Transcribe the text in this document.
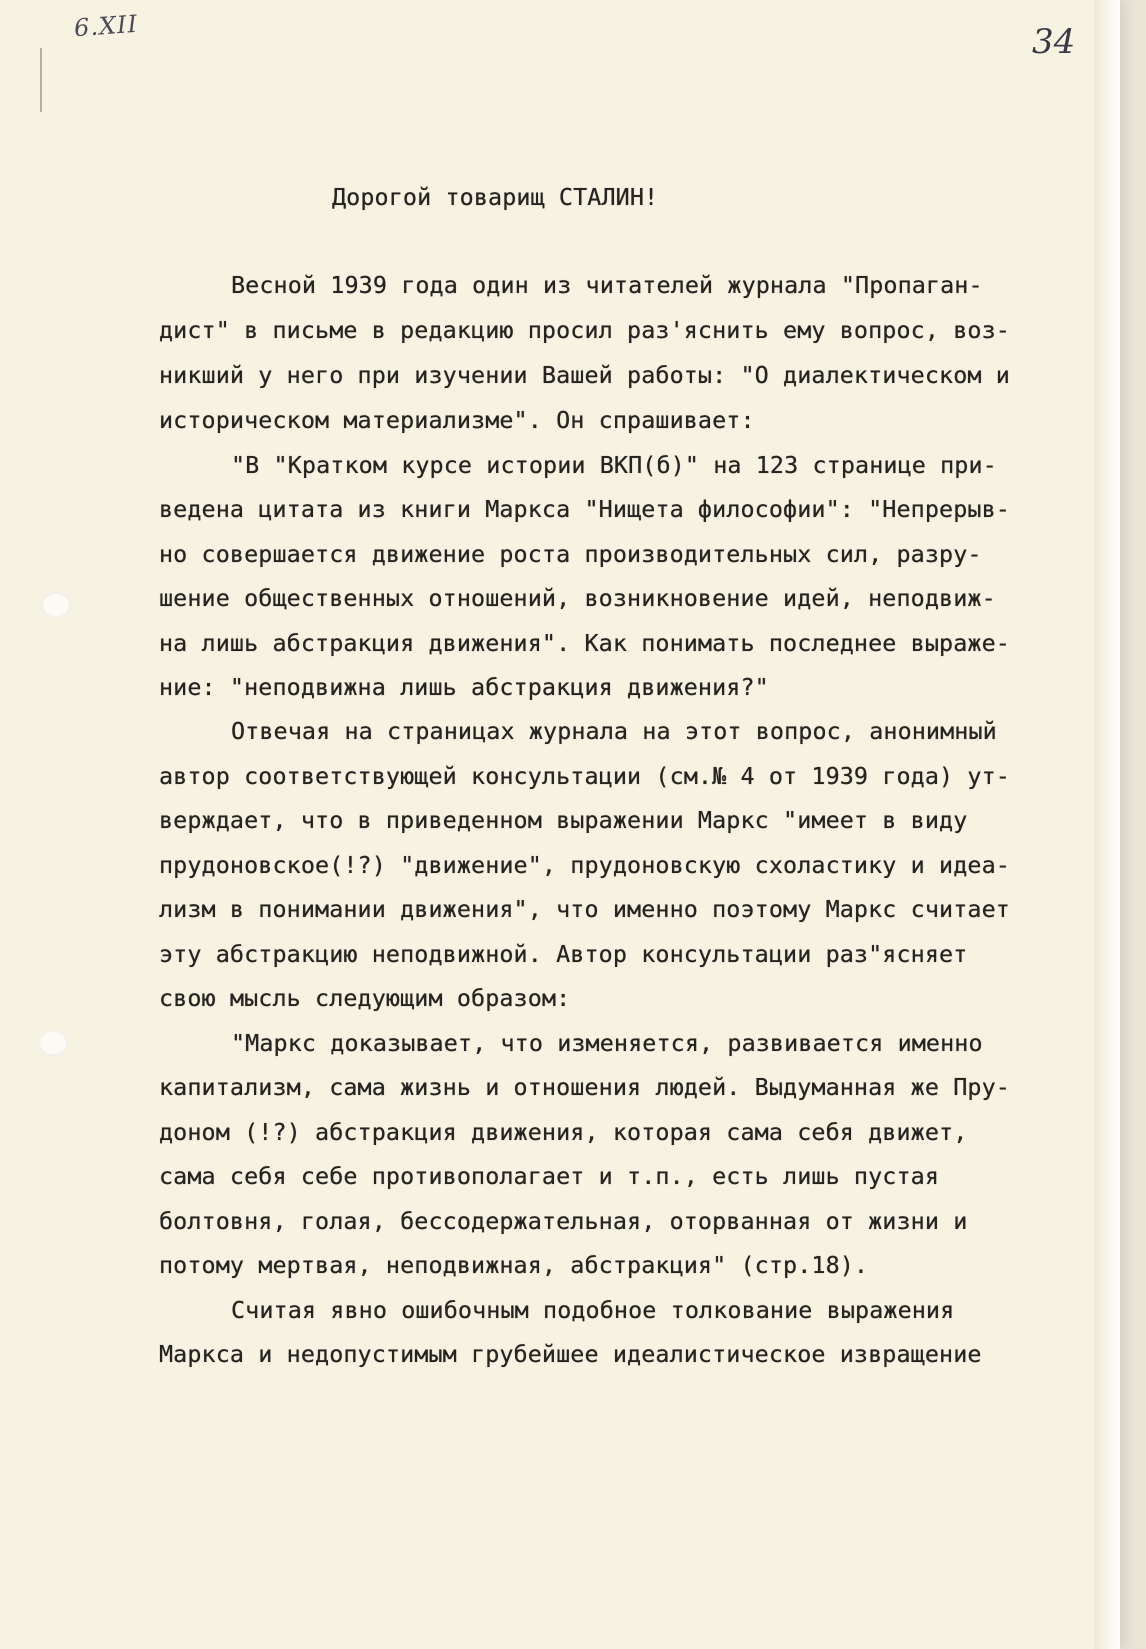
6.XII	34
Дорогой товарищ СТАЛИН!
Весной 1939 года один из читателей журнала "Пропаган-
дист" в письме в редакцию просил раз'яснить ему вопрос, воз-
никший у него при изучении Вашей работы: "О диалектическом и
историческом материализме". Он спрашивает:
"В "Кратком курсе истории ВКП(б)" на 123 странице при-
ведена цитата из книги Маркса "Нищета философии": "Непрерыв-
но совершается движение роста производительных сил, разру-
шение общественных отношений, возникновение идей, неподвиж-
на лишь абстракция движения". Как понимать последнее выраже-
ние: "неподвижна лишь абстракция движения?"
Отвечая на страницах журнала на этот вопрос, анонимный
автор соответствующей консультации (см.№ 4 от 1939 года) ут-
верждает, что в приведенном выражении Маркс "имеет в виду
прудоновское(!?) "движение", прудоновскую схоластику и идеа-
лизм в понимании движения", что именно поэтому Маркс считает
эту абстракцию неподвижной. Автор консультации раз"ясняет
свою мысль следующим образом:
"Маркс доказывает, что изменяется, развивается именно
капитализм, сама жизнь и отношения людей. Выдуманная же Пру-
доном (!?) абстракция движения, которая сама себя движет,
сама себя себе противополагает и т.п., есть лишь пустая
болтовня, голая, бессодержательная, оторванная от жизни и
потому мертвая, неподвижная, абстракция" (стр.18).
Считая явно ошибочным подобное толкование выражения
Маркса и недопустимым грубейшее идеалистическое извращение
